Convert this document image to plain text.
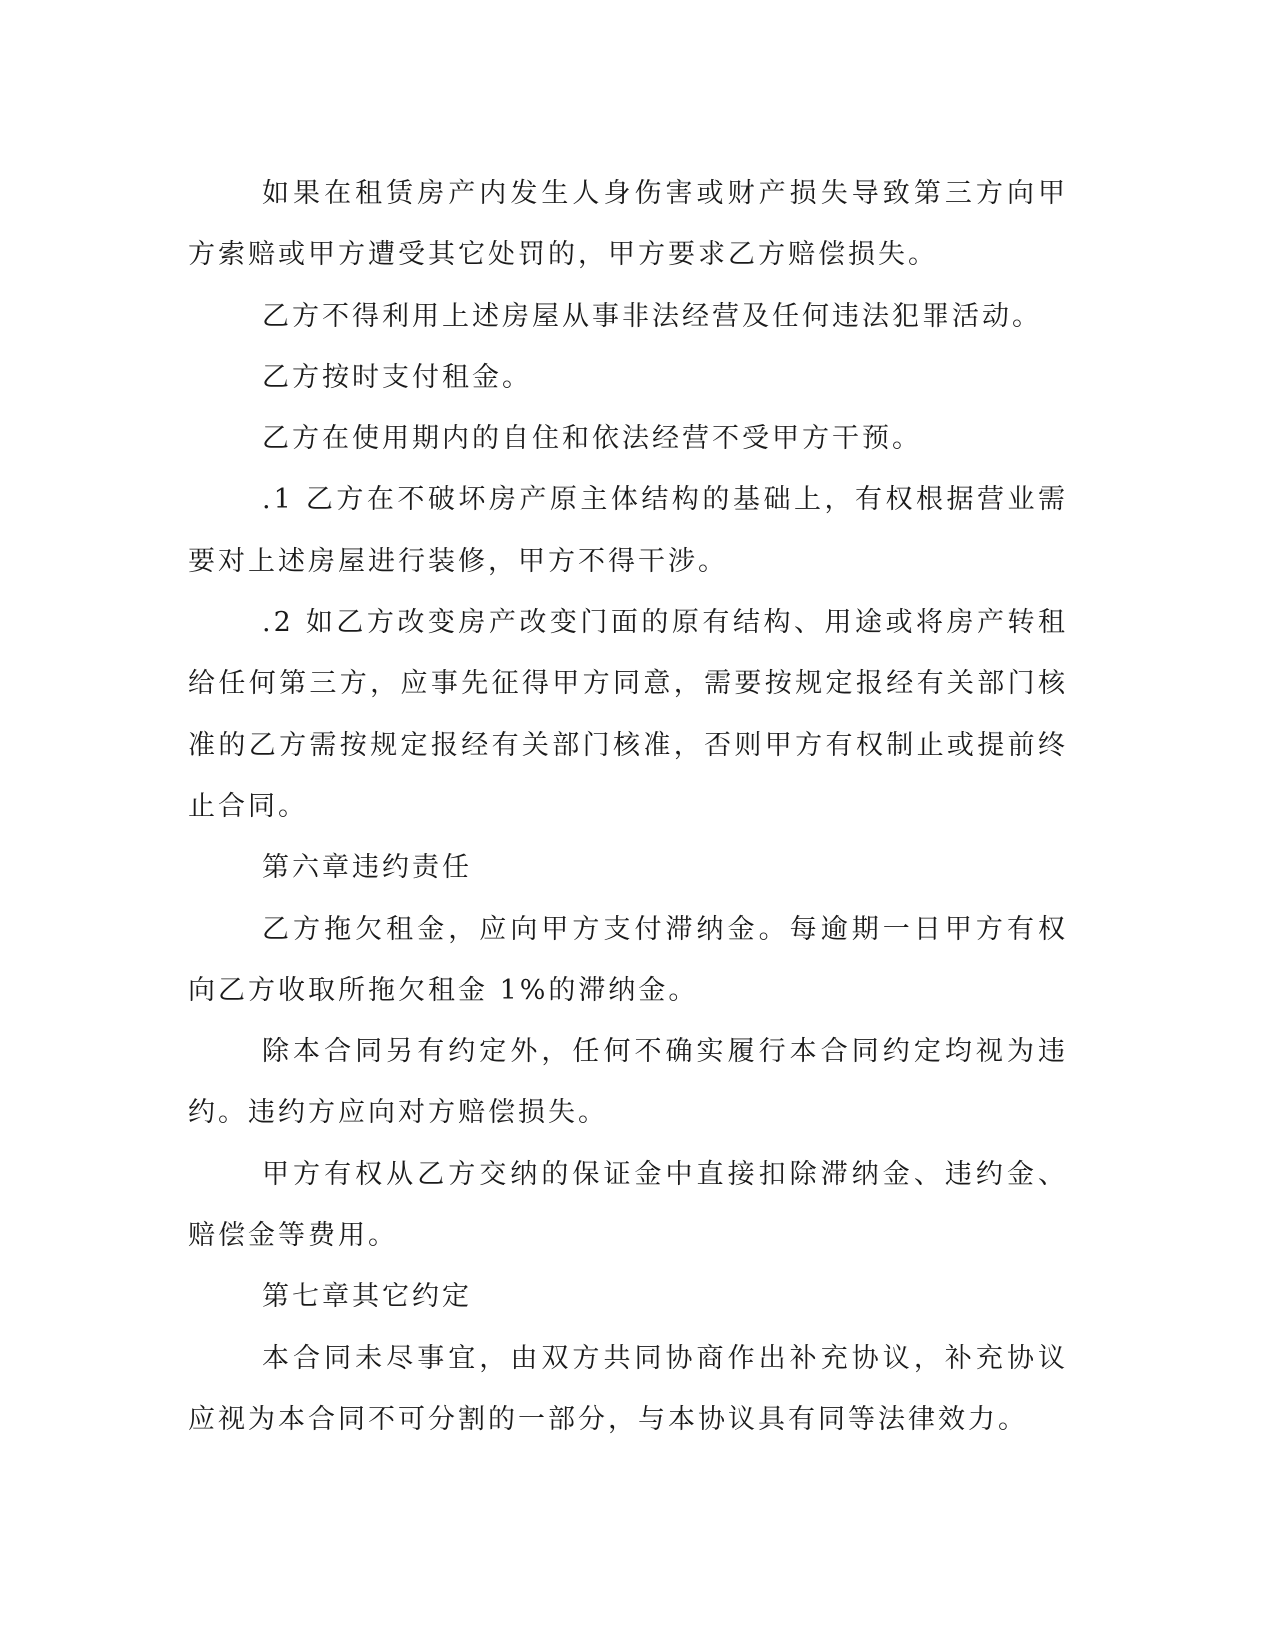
如果在租赁房产内发生人身伤害或财产损失导致第三方向甲方索赔或甲方遭受其它处罚的，甲方要求乙方赔偿损失。

乙方不得利用上述房屋从事非法经营及任何违法犯罪活动。

乙方按时支付租金。

乙方在使用期内的自住和依法经营不受甲方干预。

.1 乙方在不破坏房产原主体结构的基础上，有权根据营业需要对上述房屋进行装修，甲方不得干涉。

.2 如乙方改变房产改变门面的原有结构、用途或将房产转租给任何第三方，应事先征得甲方同意，需要按规定报经有关部门核准的乙方需按规定报经有关部门核准，否则甲方有权制止或提前终止合同。

第六章违约责任

乙方拖欠租金，应向甲方支付滞纳金。每逾期一日甲方有权向乙方收取所拖欠租金 1%的滞纳金。

除本合同另有约定外，任何不确实履行本合同约定均视为违约。违约方应向对方赔偿损失。

甲方有权从乙方交纳的保证金中直接扣除滞纳金、违约金、赔偿金等费用。

第七章其它约定

本合同未尽事宜，由双方共同协商作出补充协议，补充协议应视为本合同不可分割的一部分，与本协议具有同等法律效力。
